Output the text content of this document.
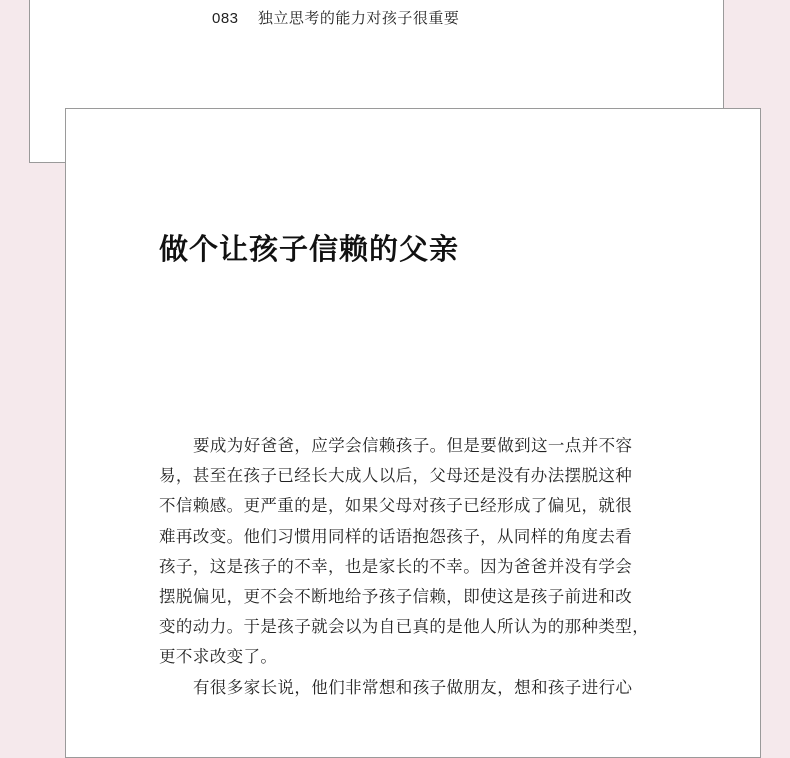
083 独立思考的能力对孩子很重要
做个让孩子信赖的父亲
要成为好爸爸，应学会信赖孩子。但是要做到这一点并不容
易，甚至在孩子已经长大成人以后，父母还是没有办法摆脱这种
不信赖感。更严重的是，如果父母对孩子已经形成了偏见，就很
难再改变。他们习惯用同样的话语抱怨孩子，从同样的角度去看
孩子，这是孩子的不幸，也是家长的不幸。因为爸爸并没有学会
摆脱偏见，更不会不断地给予孩子信赖，即使这是孩子前进和改
变的动力。于是孩子就会以为自已真的是他人所认为的那种类型，
更不求改变了。
有很多家长说，他们非常想和孩子做朋友，想和孩子进行心
